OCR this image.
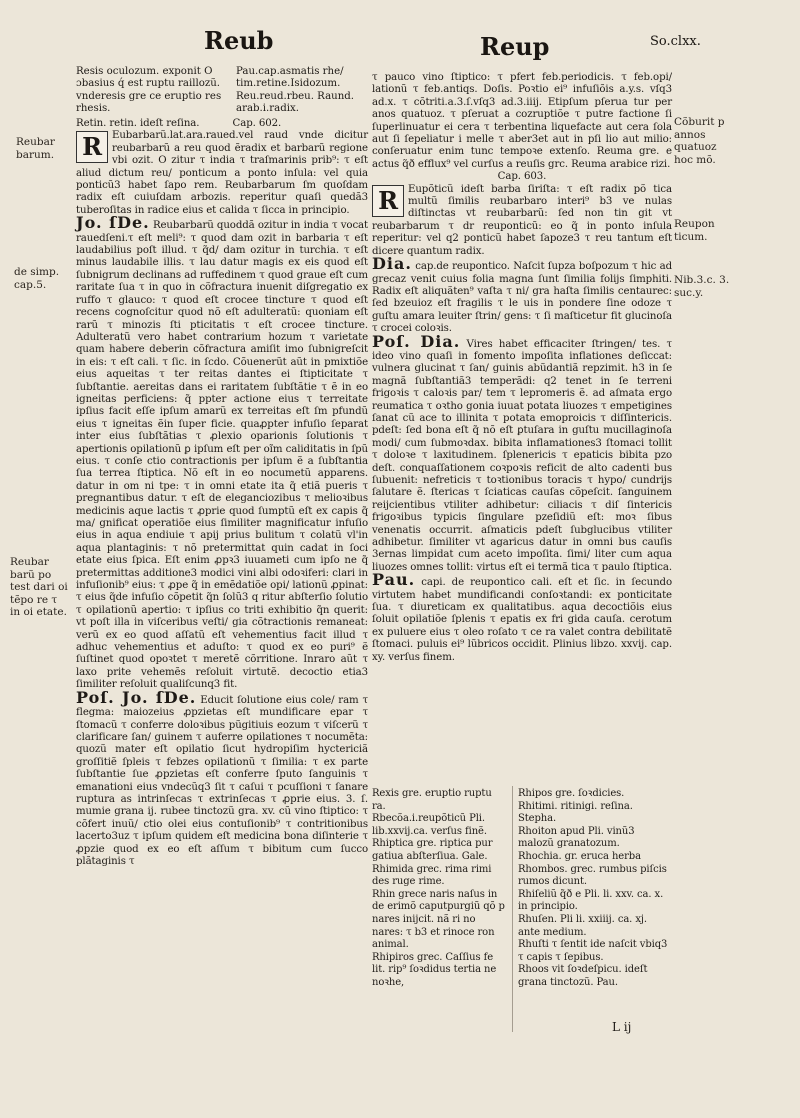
Reub	Reup	So.clxx.
Reubar barum.
de simp. cap.5.
Reubar barũ po test dari oi tẽpo re τ in oi etate.
Cõburit p annos quatuoz hoc mõ.
Reupon ticum.
Nib.3.c. 3. suc.y.
Resis oculozum. exponit O ɔbasius q́ est ruptu raillozũ. vnderesis gre ce eruptio res rhesis.
Pau.cap.asmatis rhe/ tim.retine.Isidozum. Reu.reud.rbeu. Raund. arab.i.radix.

Retin. retin. ideſt reſina.	Cap. 602.

R Eubarbarũ.lat.ara.raued.vel raud vnde dicitur reubarbarũ a reu quod ẽradix et barbarũ regione vbi ozit. O zitur τ india τ traſmarinis prib⁹: τ eſt aliud dictum reu/ ponticum a ponto inſula: vel quia ponticũ3 habet ſapo rem. Reubarbarum ſm quoſdam radix eſt cuiuſdam arbozis. reperitur quaſi quedã3 tuberoſitas in radice eius et calida τ ſicca in principio.

Jo. ſDe. Reubarbarũ quoddã ozitur in india τ vocat rauedſeni.τ eſt meli⁹: τ quod dam ozit in barbaria τ eſt laudabilius poſt illud. τ q̃d/ dam ozitur in turchia. τ eſt minus laudabile illis. τ lau datur magis ex eis quod eſt ſubnigrum declinans ad ruffedinem τ quod graue eſt cum raritate ſua τ in quo in cõfractura inuenit diſgregatio ex ruffo τ glauco: τ quod eſt crocee tincture τ quod eſt recens cognoſcitur quod nõ eſt adulteratũ: quoniam eſt rarũ τ minozis ſti pticitatis τ eſt crocee tincture. Adulteratũ vero habet contrarium hozum τ varietate quam habere deberin cõfractura amiſit imo ſubnigreſcit in eis: τ eſt cali. τ ſic. in ſcdo. Cõuenerũt aũt in pmixtiõe eius aqueitas τ ter reitas dantes ei ſtipticitate τ ſubſtantie. aereitas dans ei raritatem ſubſtãtie τ ẽ in eo igneitas perficiens: q̃ ppter actione eius τ terreitate ipſius facit eſſe ipſum amarũ ex terreitas eſt ſm pfundũ eius τ igneitas ẽin ſuper ficie. quaꝓpter infuſio ſeparat inter eius ſubſtãtias τ ꝓlexio oparionis ſolutionis τ apertionis opilationũ ꝑ ipſum eſt per oĩm caliditatis in ſpũ eius. τ conſe ctio contractionis per ipſum ẽ a ſubſtantia ſua terrea ſtiptica. Nõ eſt in eo nocumetũ apparens. datur in om ni tpe: τ in omni etate ita q̃ etiã pueris τ pregnantibus datur. τ eſt de eleganciozibus τ melioꝛibus medicinis aque lactis τ ꝓprie quod ſumptũ eſt ex capis q̃ ma/ gnificat operatiõe eius ſimiliter magnificatur infuſio eius in aqua endiuie τ apij prius bulitum τ colatũ vl'in aqua plantaginis: τ nõ pretermittat quin cadat in ſoci etate eius ſpica. Eſt enim ꝓpꝛ3 iuuameti cum ipſo ne q̃ pretermittas additione3 modici vini albi odoꝛiferi: clari in infuſionib⁹ eius: τ ꝓpe q̃ in emẽdatiõe opi/ lationũ ꝓpinat: τ eius q̃de infuſio cõpetit q̃n ſolũ3 q ritur abſterſio ſolutio τ opilationũ apertio: τ ipſius co triti exhibitio q̃n querit: vt poſt illa in viſceribus veſti/ gia cõtractionis remaneat: verũ ex eo quod aſſatũ eſt vehementius facit illud τ adhuc vehementius et aduſto: τ quod ex eo puri⁹ ẽ ſuſtinet quod opoꝛtet τ meretẽ cõrritione. Inraro aũt τ laxo prite vehemẽs reſoluit virtutẽ. decoctio etia3 ſimiliter reſoluit qualiſcunq3 fit.

Poſ. Jo. ſDe. Educit ſolutione eius cole/ ram τ flegma: maiozeius ꝓpzietas eſt mundificare epar τ ſtomacũ τ conferre doloꝛibus pũgitiuis eozum τ viſcerũ τ clarificare ſan/ guinem τ auferre opilationes τ nocumẽta: quozũ mater eſt opilatio ſicut hydropiſim hyctericiã groſſitiẽ ſpleis τ febzes opilationũ τ ſimilia: τ ex parte ſubſtantie ſue ꝓpzietas eſt conferre ſputo ſanguinis τ emanationi eius vndecũq3 ſit τ caſui τ pcuſſioni τ ſanare ruptura as intrinſecas τ extrinſecas τ ꝓprie eius. 3. ſ. mumie grana ij. rubee tinctozũ gra. xv. cũ vino ſtiptico: τ cõfert inuũ/ ctio olei eius contuſionib⁹ τ contritionibus lacerto3uz τ ipſum quidem eſt medicina bona diſinterie τ ꝓpzie quod ex eo eſt aſſum τ bibitum cum ſucco plãtaginis τ

τ pauco vino ſtiptico: τ pfert feb.periodicis. τ feb.opi/ lationũ τ feb.antiqs. Doſis. Poꝛtio ei⁹ infuſiõis a.y.s. vſq3 ad.x. τ cõtriti.a.3.ſ.vſq3 ad.3.iiij. Etipſum pſerua tur per anos quatuoz. τ pſeruat a cozruptiõe τ putre factione ſi ſuperlinuatur ei cera τ terbentina liquefacte aut cera ſola aut ſi ſepeliatur i melle τ aber3et aut in pſi lio aut milio: conſeruatur enim tunc tempoꝛe extenſo. Reuma gre. e actus q̃ð efflux⁹ vel curſus a reuſis grc. Reuma arabice rizi.

Cap. 603.

R Eupõticũ ideſt barba ſiriſta: τ eſt radix põ tica multũ ſimilis reubarbaro interi⁹ b3 ve nulas diſtinctas vt reubarbarũ: ſed non tin git vt reubarbarum τ dr reuponticũ: eo q̃ in ponto inſula reperitur: vel q2 ponticũ habet ſapoze3 τ reu tantum eſt dicere quantum radix.

Dia. cap.de reupontico. Naſcit ſupza boſpozum τ hic ad grecaz venit cuius folia magna ſunt ſimilia folijs ſimphiti. Radix eſt aliquãten⁹ vaſta τ ni/ gra haſta ſimilis centaurec: ſed bzeuioz eſt fragilis τ le uis in pondere ſine odoze τ guſtu amara leuiter ſtrin/ gens: τ ſi maſticetur fit glucinoſa τ crocei coloꝛis.

Poſ. Dia. Vires habet efficaciter ſtringen/ tes. τ ideo vino quaſi in fomento impoſita inflationes deſiccat: vulnera glucinat τ ſan/ guinis abũdantiã repzimit. h3 in ſe magnã ſubſtantiã3 temperãdi: q2 tenet in ſe terreni frigoꝛis τ caloꝛis par/ tem τ lepromeris ẽ. ad aſmata ergo reumatica τ oꝛtho gonia iuuat potata liuozes τ empetigines ſanat cũ ace to illinita τ potata emoproicis τ diſſintericis. pdeſt: ſed bona eſt q̃ nõ eſt ꝑtuſara in guſtu mucillaginoſa modi/ cum ſubmoꝛdax. bibita inflamationes3 ſtomaci tollit τ doloꝛe τ laxitudinem. ſplenericis τ epaticis bibita pzo deſt. conquaſſationem coꝛpoꝛis reficit de alto cadenti bus ſubuenit: nefreticis τ toꝛtionibus toracis τ hypo/ cundrijs ſalutare ẽ. ſtericas τ ſciaticas cauſas cõpeſcit. ſanguinem reijcientibus vtiliter adhibetur: ciliacis τ diſ ſintericis frigoꝛibus typicis ſingulare pzeſidiũ eſt: moꝛ ſibus venenatis occurrit. aſmaticis pdeſt ſubglucibus vtiliter adhibetur. ſimiliter vt agaricus datur in omni bus cauſis 3ernas limpidat cum aceto impoſita. ſimi/ liter cum aqua liuozes omnes tollit: virtus eſt ei termã tica τ paulo ſtiptica.

Pau. capi. de reupontico cali. eſt et ſic. in ſecundo virtutem habet mundificandi conſoꝛtandi: ex ponticitate ſua. τ diureticam ex qualitatibus. aqua decoctiõis eius ſoluit opilatiõe ſplenis τ epatis ex fri gida cauſa. cerotum ex puluere eius τ oleo roſato τ ce ra valet contra debilitatẽ ſtomaci. puluis ei⁹ lũbricos occidit. Plinius libzo. xxvij. cap. xy. verſus finem.

Rexis gre. eruptio ruptu ra.

Rbecõa.i.reupõticũ Pli. lib.xxvij.ca. verſus finẽ.

Rhiptica gre. riptica pur gatiua abſterſiua. Gale.

Rhimida grec. rima rimi des ruge rime.

Rhin grece naris naſus in de erimõ caputpurgiũ qõ p nares inijcit. nã ri no nares: τ b3 et rinoce ron animal.

Rhipiros grec. Caſſius fe lit. rip⁹ ſoꝛdidus tertia ne noꝛhe,

Rhipos gre. ſoꝛdicies.

Rhitimi. ritinigi. reſina. Stepha.

Rhoiton apud Pli. vinũ3 malozũ granatozum.

Rhochia. gr. eruca herba

Rhombos. grec. rumbus piſcis rumos dicunt.

Rhiſeliũ q̃ð e Pli. li. xxv. ca. x. in principio.

Rhuſen. Pli li. xxiiij. ca. xj. ante medium.

Rhuſti τ ſentit ide naſcit vbiq3 τ capis τ ſepibus.

Rhoos vit ſoꝛdeſpicu. ideſt grana tinctozũ. Pau.

L ij
